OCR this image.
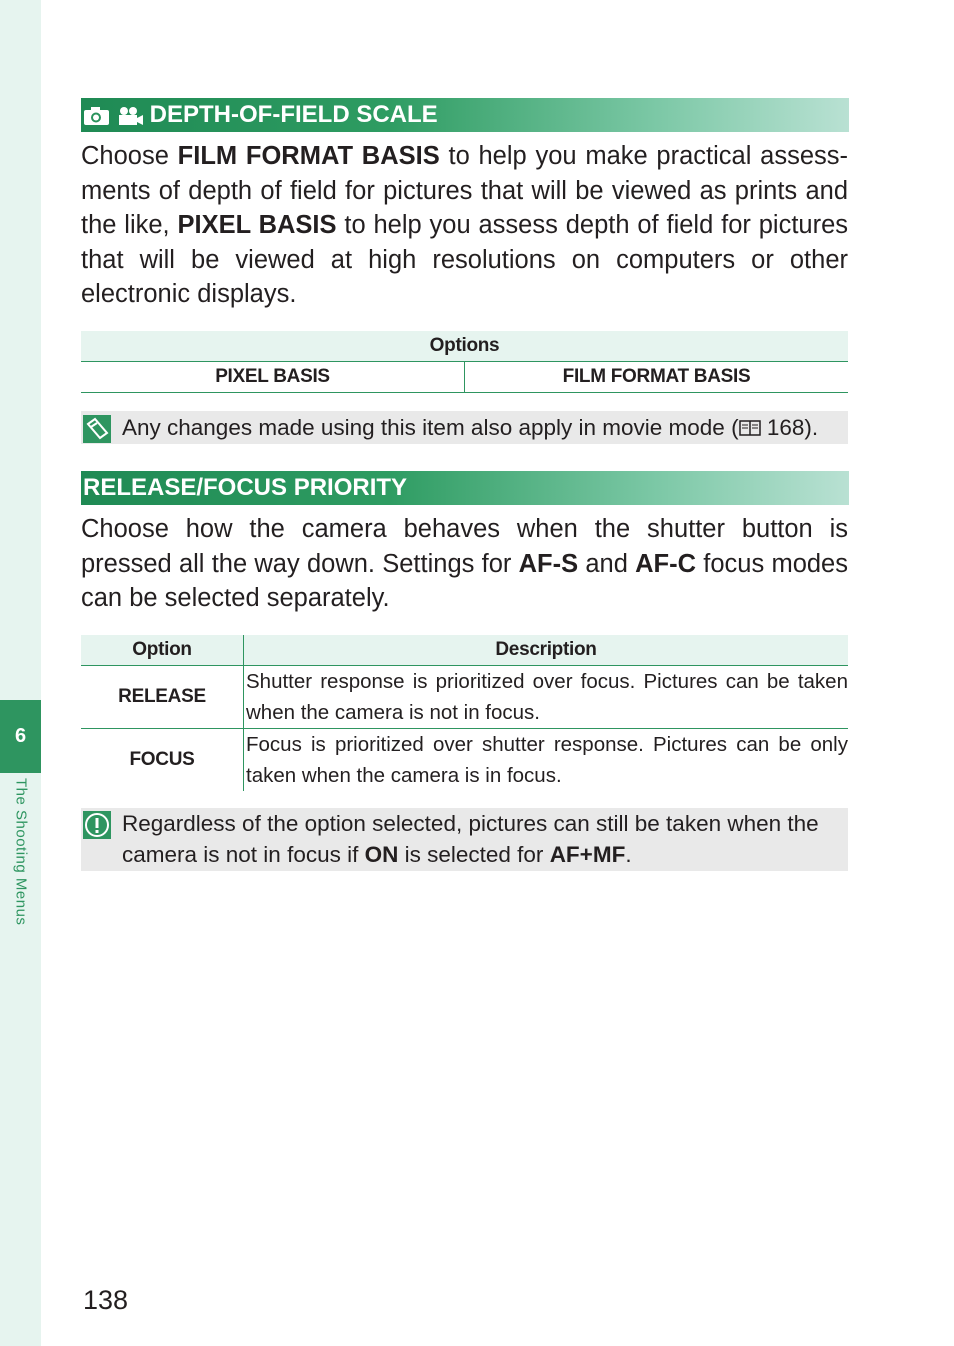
6
The Shooting Menus
DEPTH-OF-FIELD SCALE

Choose FILM FORMAT BASIS to help you make practical assessments of depth of field for pictures that will be viewed as prints and the like, PIXEL BASIS to help you assess depth of field for pictures that will be viewed at high resolutions on computers or other electronic displays.

Options
PIXEL BASIS	FILM FORMAT BASIS
Any changes made using this item also apply in movie mode ( 168).
RELEASE/FOCUS PRIORITY

Choose how the camera behaves when the shutter button is pressed all the way down. Settings for AF-S and AF-C focus modes can be selected separately.

Option	Description
RELEASE	Shutter response is prioritized over focus. Pictures can be taken when the camera is not in focus.
FOCUS	Focus is prioritized over shutter response. Pictures can be only taken when the camera is in focus.
Regardless of the option selected, pictures can still be taken when the camera is not in focus if ON is selected for AF+MF.
138
